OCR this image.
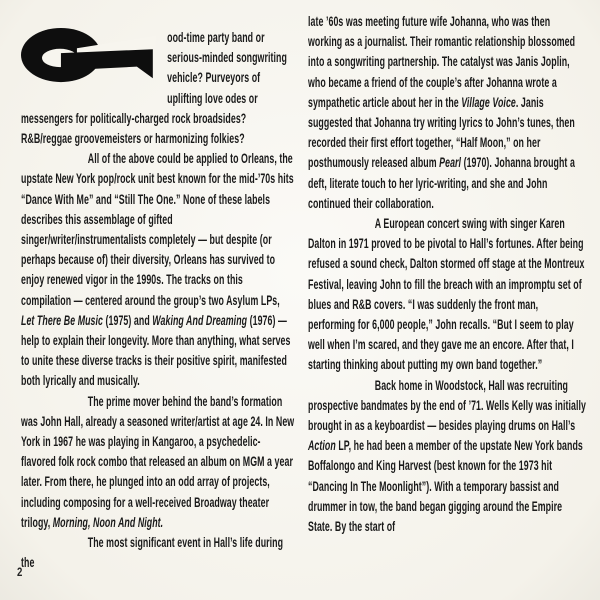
ood-time party band or serious-minded songwriting vehicle? Purveyors of uplifting love odes or messengers for politically-charged rock broadsides? R&B/reggae groovemeisters or harmonizing folkies?

All of the above could be applied to Orleans, the upstate New York pop/rock unit best known for the mid-’70s hits “Dance With Me” and “Still The One.” None of these labels describes this assemblage of gifted singer/writer/instrumentalists completely — but despite (or perhaps because of) their diversity, Orleans has survived to enjoy renewed vigor in the 1990s. The tracks on this compilation — centered around the group’s two Asylum LPs, Let There Be Music (1975) and Waking And Dreaming (1976) — help to explain their longevity. More than anything, what serves to unite these diverse tracks is their positive spirit, manifested both lyrically and musically.

The prime mover behind the band’s formation was John Hall, already a seasoned writer/artist at age 24. In New York in 1967 he was playing in Kangaroo, a psychedelic-flavored folk rock combo that released an album on MGM a year later. From there, he plunged into an odd array of projects, including composing for a well-received Broadway theater trilogy, Morning, Noon And Night.

The most significant event in Hall’s life during the

late ’60s was meeting future wife Johanna, who was then working as a journalist. Their romantic relationship blossomed into a songwriting partnership. The catalyst was Janis Joplin, who became a friend of the couple’s after Johanna wrote a sympathetic article about her in the Village Voice. Janis suggested that Johanna try writing lyrics to John’s tunes, then recorded their first effort together, “Half Moon,” on her posthumously released album Pearl (1970). Johanna brought a deft, literate touch to her lyric-writing, and she and John continued their collaboration.

A European concert swing with singer Karen Dalton in 1971 proved to be pivotal to Hall’s fortunes. After being refused a sound check, Dalton stormed off stage at the Montreux Festival, leaving John to fill the breach with an impromptu set of blues and R&B covers. “I was suddenly the front man, performing for 6,000 people,” John recalls. “But I seem to play well when I’m scared, and they gave me an encore. After that, I starting thinking about putting my own band together.”

Back home in Woodstock, Hall was recruiting prospective bandmates by the end of ’71. Wells Kelly was initially brought in as a keyboardist — besides playing drums on Hall’s Action LP, he had been a member of the upstate New York bands Boffalongo and King Harvest (best known for the 1973 hit “Dancing In The Moonlight”). With a temporary bassist and drummer in tow, the band began gigging around the Empire State. By the start of

2
